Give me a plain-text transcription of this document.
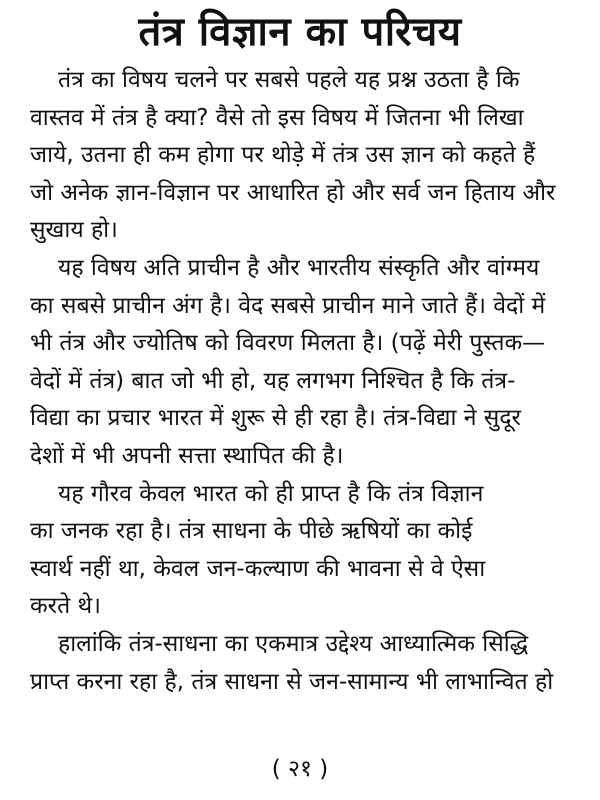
तंत्र विज्ञान का परिचय
तंत्र का विषय चलने पर सबसे पहले यह प्रश्न उठता है कि
वास्तव में तंत्र है क्या? वैसे तो इस विषय में जितना भी लिखा
जाये, उतना ही कम होगा पर थोड़े में तंत्र उस ज्ञान को कहते हैं
जो अनेक ज्ञान-विज्ञान पर आधारित हो और सर्व जन हिताय और
सुखाय हो।
यह विषय अति प्राचीन है और भारतीय संस्कृति और वांग्मय
का सबसे प्राचीन अंग है। वेद सबसे प्राचीन माने जाते हैं। वेदों में
भी तंत्र और ज्योतिष को विवरण मिलता है। (पढ़ें मेरी पुस्तक—
वेदों में तंत्र) बात जो भी हो, यह लगभग निश्चित है कि तंत्र-
विद्या का प्रचार भारत में शुरू से ही रहा है। तंत्र-विद्या ने सुदूर
देशों में भी अपनी सत्ता स्थापित की है।
यह गौरव केवल भारत को ही प्राप्त है कि तंत्र विज्ञान
का जनक रहा है। तंत्र साधना के पीछे ऋषियों का कोई
स्वार्थ नहीं था, केवल जन-कल्याण की भावना से वे ऐसा
करते थे।
हालांकि तंत्र-साधना का एकमात्र उद्देश्य आध्यात्मिक सिद्धि
प्राप्त करना रहा है, तंत्र साधना से जन-सामान्य भी लाभान्वित हो
( २१ )
